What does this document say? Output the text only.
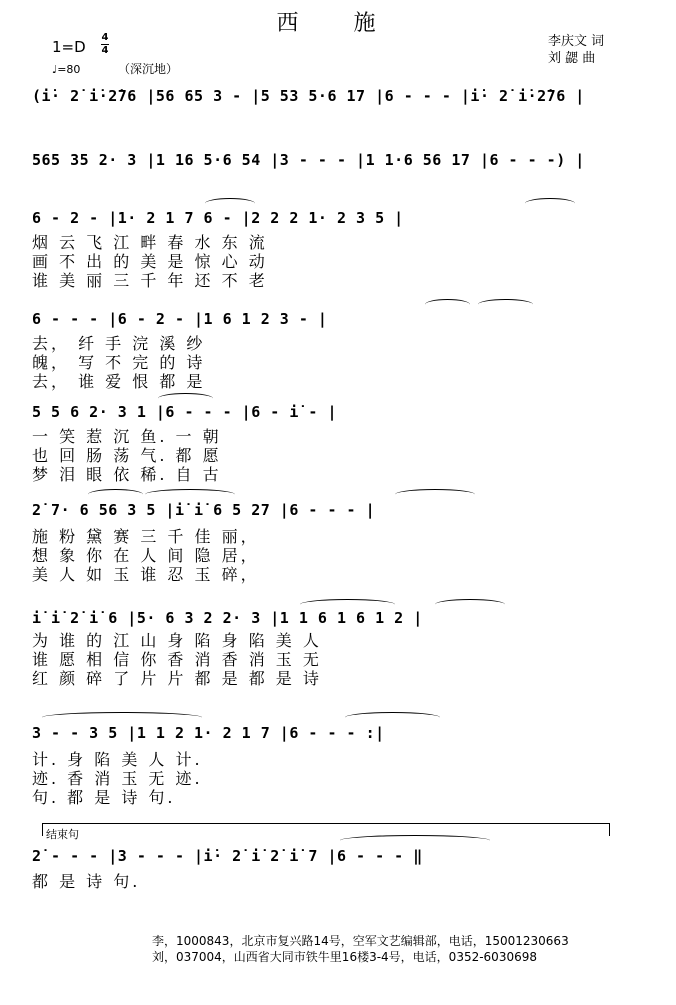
西 施
1=D
4
4
♩=80	（深沉地）
李庆文 词
刘 勰 曲
(i̇· 2̇ i̇·2̇76 |56 65 3 - |5 53 5·6 17 |6 - - - |i̇· 2̇ i̇·2̇76 |
565 35 2· 3 |1 16 5·6 54 |3 - - - |1 1·6 56 17 |6 - - -) |
6 - 2 - |1· 2 1 7 6 - |2 2 2 1· 2 3 5 |
烟 云 飞 江 畔 春 水 东 流
画 不 出 的 美 是 惊 心 动
谁 美 丽 三 千 年 还 不 老
6 - - - |6 - 2 - |1 6 1 2 3 - |
去， 纤 手 浣 溪 纱
魄， 写 不 完 的 诗
去， 谁 爱 恨 都 是
5 5 6 2· 3 1 |6 - - - |6 - i̇ - |
一 笑 惹 沉 鱼. 一 朝
也 回 肠 荡 气. 都 愿
梦 泪 眼 依 稀. 自 古
2̇ 7· 6 56 3 5 |i̇ i̇ 6 5 27 |6 - - - |
施 粉 黛 赛 三 千 佳 丽，
想 象 你 在 人 间 隐 居，
美 人 如 玉 谁 忍 玉 碎，
i̇ i̇ 2̇ i̇ 6 |5· 6 3 2 2· 3 |1 1 6 1 6 1 2 |
为 谁 的 江 山 身 陷 身 陷 美 人
谁 愿 相 信 你 香 消 香 消 玉 无
红 颜 碎 了 片 片 都 是 都 是 诗
3 - - 3 5 |1 1 2 1· 2 1 7 |6 - - - :|
计. 身 陷 美 人 计.
迹. 香 消 玉 无 迹.
句. 都 是 诗 句.
结束句
2̇ - - - |3 - - - |i̇· 2̇ i̇ 2̇ i̇ 7 |6 - - - ‖
都 是 诗 句.
李，1000843，北京市复兴路14号，空军文艺编辑部，电话，15001230663
刘，037004，山西省大同市铁牛里16楼3-4号，电话，0352-6030698
